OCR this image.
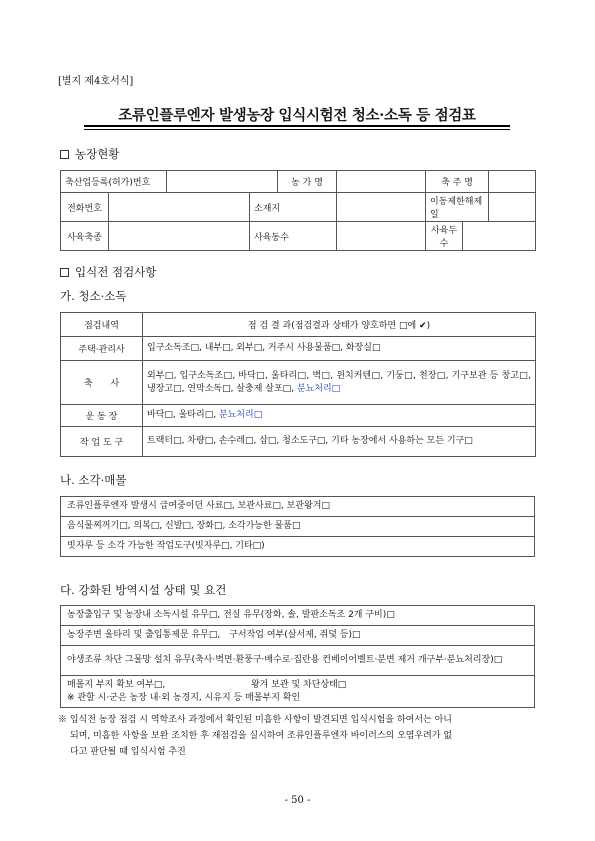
[별지 제4호서식]
조류인플루엔자 발생농장 입식시험전 청소·소독 등 점검표
농장현황
축산업등록(허가)번호				농 가 명		축 주 명		
전화번호			소재지			이동제한해제일		
사육축종			사육동수			사육두수		
입식전 점검사항
가. 청소·소독
점검내역	점 검 결 과(점검결과 상태가 양호하면 □에 ✔)
주택·관리사	입구소독조□, 내부□, 외부□, 거주시 사용물품□, 화장실□
축　　사	외부□, 입구소독조□, 바닥□, 울타리□, 벽□, 윈치커텐□, 기둥□, 천장□, 기구보관 등 창고□, 냉장고□, 연막소독□, 살충제 살포□, 분뇨처리□
운 동 장	바닥□, 울타리□, 분뇨처리□
작 업 도 구	트랙터□, 차량□, 손수레□, 삽□, 청소도구□, 기타 농장에서 사용하는 모든 기구□
나. 소각·매몰
조류인플루엔자 발생시 급여중이던 사료□, 보관사료□, 보관왕겨□
음식물찌꺼기□, 의복□, 신발□, 장화□, 소각가능한 물품□
빗자루 등 소각 가능한 작업도구(빗자루□, 기타□)
다. 강화된 방역시설 상태 및 요건
농장출입구 및 농장내 소독시설 유무□, 전실 유무(장화, 솔, 발판소독조 2개 구비)□
농장주변 울타리 및 출입통제문 유무□,　구서작업 여부(살서제, 쥐덫 등)□
야생조류 차단 그물망 설치 유무(축사·벽면·환풍구·배수로·집란용 컨베이어벨트·분변 제거 개구부·분뇨처리장)□

매몰지 부지 확보 여부□,	왕겨 보관 및 차단상태□
※ 관할 시·군은 농장 내·외 농경지, 시유지 등 매몰부지 확인
※ 입식전 농장 점검 시 역학조사 과정에서 확인된 미흡한 사항이 발견되면 입식시험을 하여서는 아니
되며, 미흡한 사항을 보완 조치한 후 재점검을 실시하여 조류인플루엔자 바이러스의 오염우려가 없
다고 판단될 때 입식시험 추진
- 50 -
